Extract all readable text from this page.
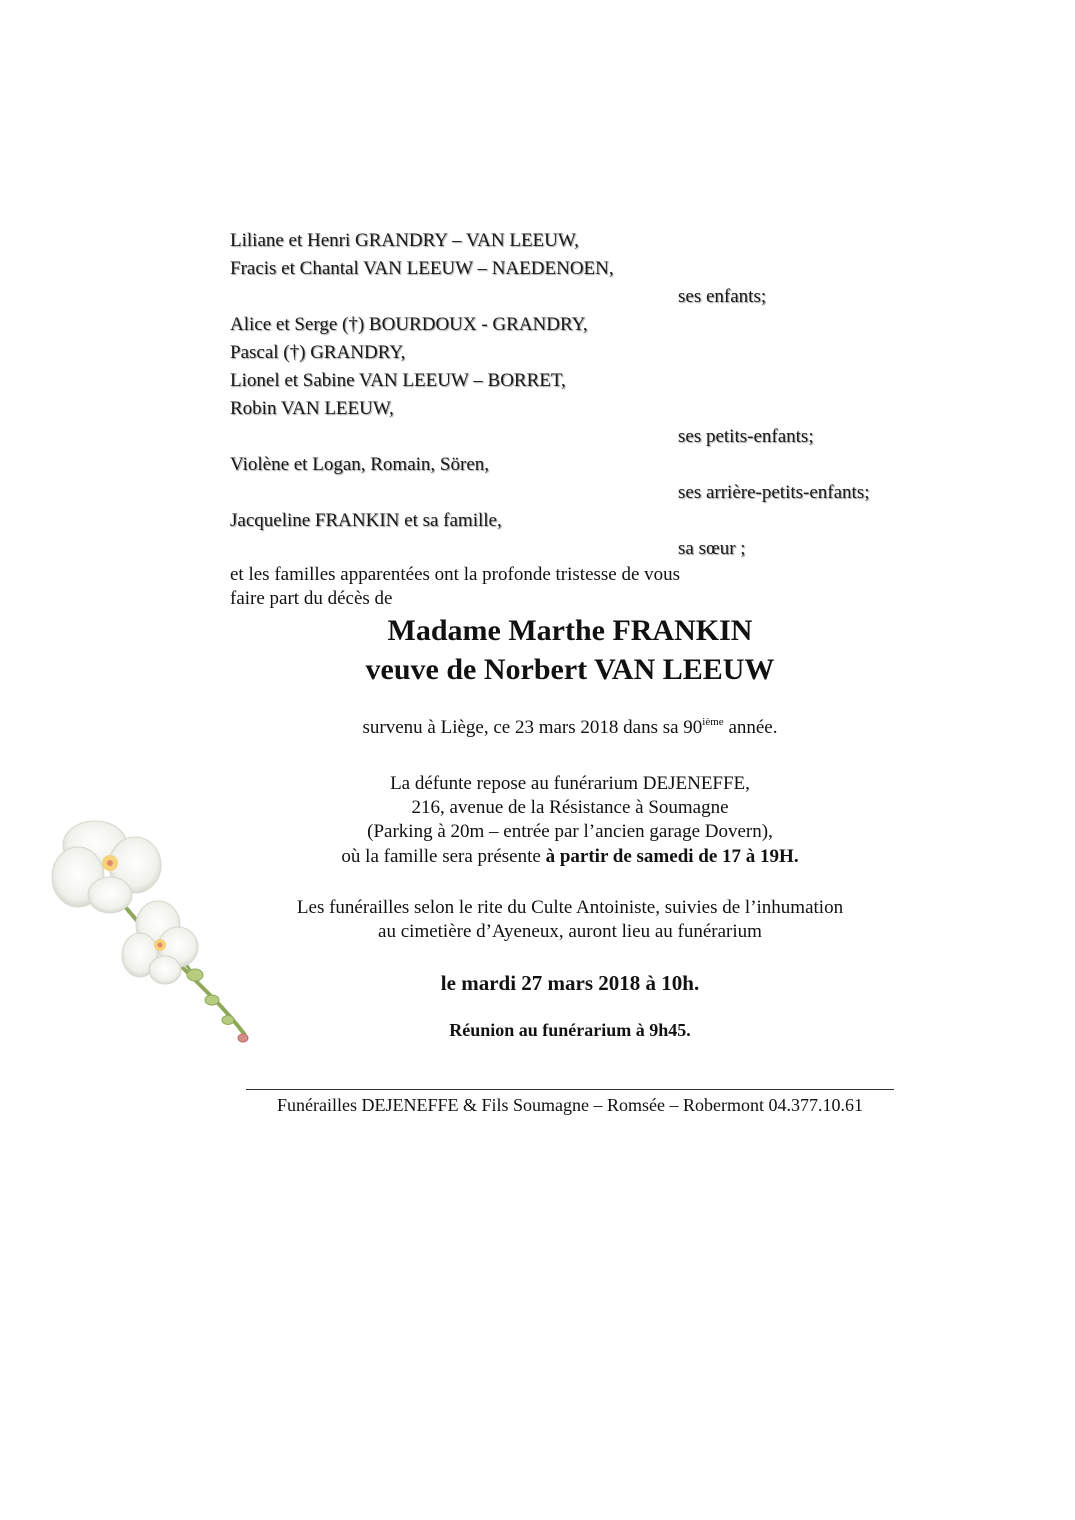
Liliane et Henri GRANDRY – VAN LEEUW,
Fracis et Chantal VAN LEEUW – NAEDENOEN,
ses enfants;
Alice et Serge (†) BOURDOUX - GRANDRY,
Pascal (†) GRANDRY,
Lionel et Sabine VAN LEEUW – BORRET,
Robin VAN LEEUW,
ses petits-enfants;
Violène et Logan, Romain, Sören,
ses arrière-petits-enfants;
Jacqueline FRANKIN et sa famille,
sa sœur ;
et les familles apparentées ont la profonde tristesse de vous
faire part du décès de
Madame Marthe FRANKIN
veuve de Norbert VAN LEEUW
survenu à Liège, ce 23 mars 2018 dans sa 90ième année.
La défunte repose au funérarium DEJENEFFE,
216, avenue de la Résistance à Soumagne
(Parking à 20m – entrée par l’ancien garage Dovern),
où la famille sera présente à partir de samedi de 17 à 19H.
Les funérailles selon le rite du Culte Antoiniste, suivies de l’inhumation
au cimetière d’Ayeneux, auront lieu au funérarium
le mardi 27 mars 2018 à 10h.
Réunion au funérarium à 9h45.
Funérailles DEJENEFFE & Fils Soumagne – Romsée – Robermont 04.377.10.61
